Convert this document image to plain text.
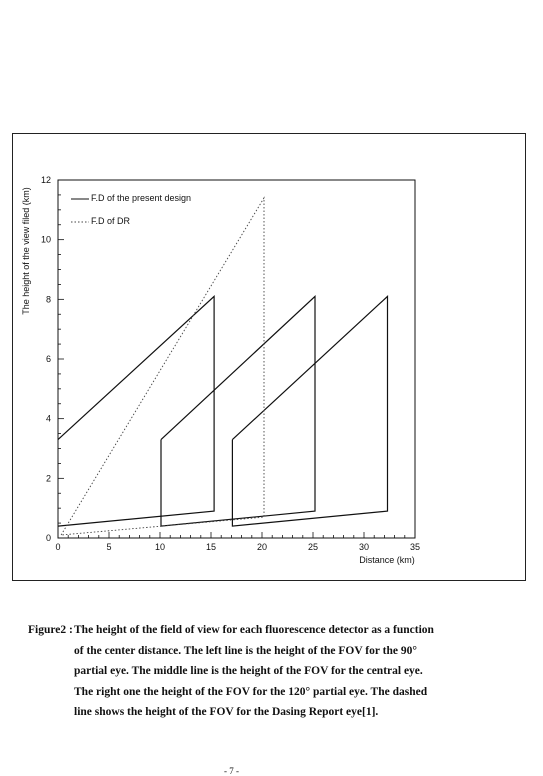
0	5	10	15	20	25	30	35
0
2
4
6
8
10
12
Distance (km)
The height of the view filed (km)	F.D of the present design
F.D of DR
Figure2 : The height of the field of view for each fluorescence detector as a function of the center distance. The left line is the height of the FOV for the 90° partial eye. The middle line is the height of the FOV for the central eye. The right one the height of the FOV for the 120° partial eye. The dashed line shows the height of the FOV for the Dasing Report eye[1].
- 7 -
